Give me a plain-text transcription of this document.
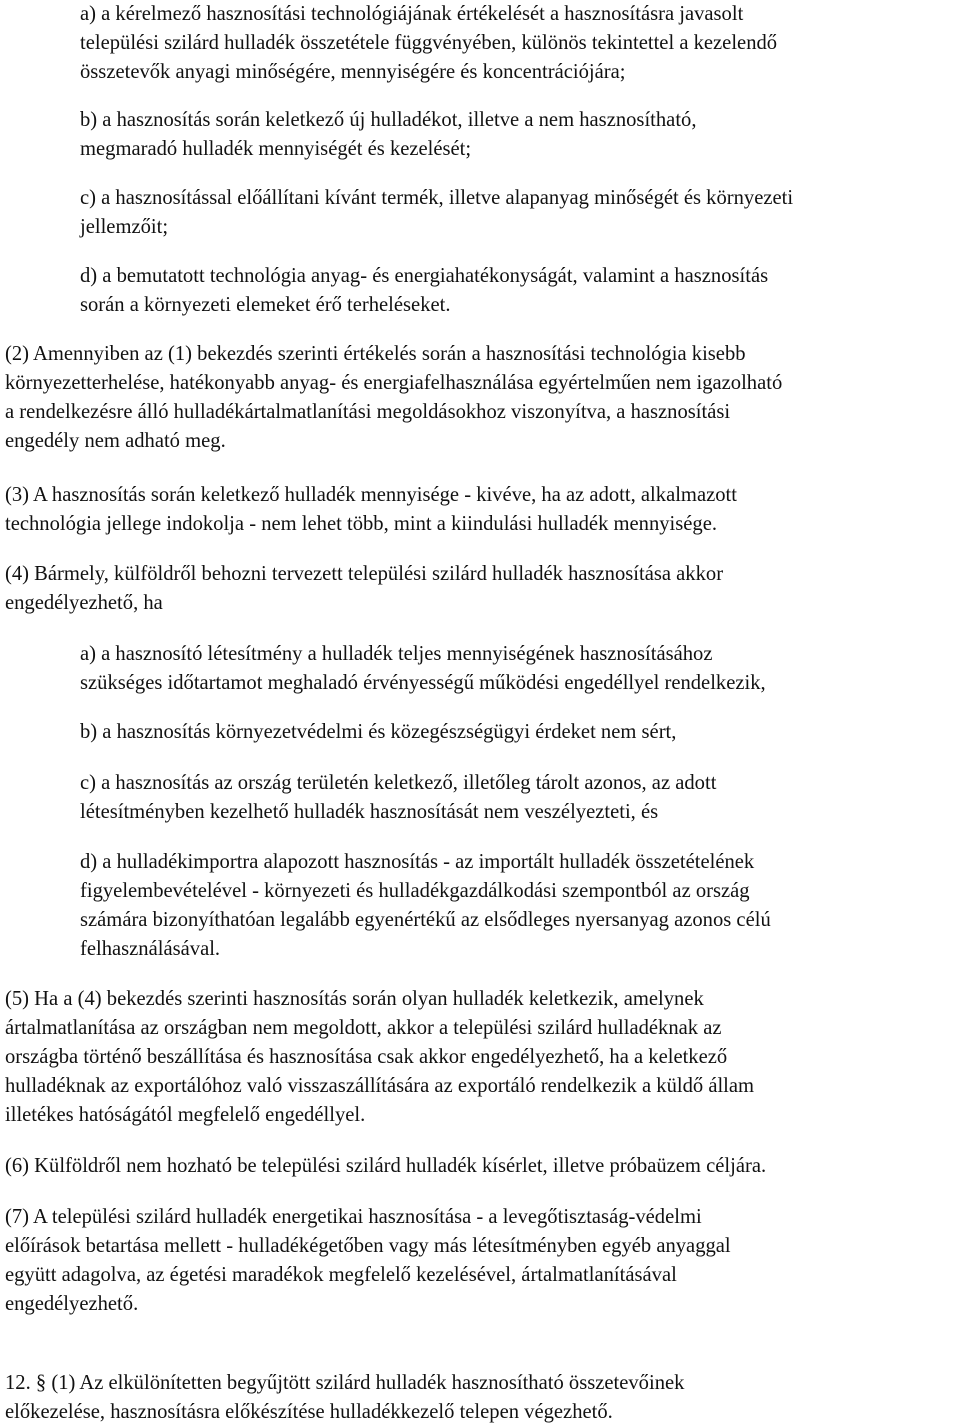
a) a kérelmező hasznosítási technológiájának értékelését a hasznosításra javasolt

települési szilárd hulladék összetétele függvényében, különös tekintettel a kezelendő

összetevők anyagi minőségére, mennyiségére és koncentrációjára;

b) a hasznosítás során keletkező új hulladékot, illetve a nem hasznosítható,

megmaradó hulladék mennyiségét és kezelését;

c) a hasznosítással előállítani kívánt termék, illetve alapanyag minőségét és környezeti

jellemzőit;

d) a bemutatott technológia anyag- és energiahatékonyságát, valamint a hasznosítás

során a környezeti elemeket érő terheléseket.

(2) Amennyiben az (1) bekezdés szerinti értékelés során a hasznosítási technológia kisebb

környezetterhelése, hatékonyabb anyag- és energiafelhasználása egyértelműen nem igazolható

a rendelkezésre álló hulladékártalmatlanítási megoldásokhoz viszonyítva, a hasznosítási

engedély nem adható meg.

(3) A hasznosítás során keletkező hulladék mennyisége - kivéve, ha az adott, alkalmazott

technológia jellege indokolja - nem lehet több, mint a kiindulási hulladék mennyisége.

(4) Bármely, külföldről behozni tervezett települési szilárd hulladék hasznosítása akkor

engedélyezhető, ha

a) a hasznosító létesítmény a hulladék teljes mennyiségének hasznosításához

szükséges időtartamot meghaladó érvényességű működési engedéllyel rendelkezik,

b) a hasznosítás környezetvédelmi és közegészségügyi érdeket nem sért,

c) a hasznosítás az ország területén keletkező, illetőleg tárolt azonos, az adott

létesítményben kezelhető hulladék hasznosítását nem veszélyezteti, és

d) a hulladékimportra alapozott hasznosítás - az importált hulladék összetételének

figyelembevételével - környezeti és hulladékgazdálkodási szempontból az ország

számára bizonyíthatóan legalább egyenértékű az elsődleges nyersanyag azonos célú

felhasználásával.

(5) Ha a (4) bekezdés szerinti hasznosítás során olyan hulladék keletkezik, amelynek

ártalmatlanítása az országban nem megoldott, akkor a települési szilárd hulladéknak az

országba történő beszállítása és hasznosítása csak akkor engedélyezhető, ha a keletkező

hulladéknak az exportálóhoz való visszaszállítására az exportáló rendelkezik a küldő állam

illetékes hatóságától megfelelő engedéllyel.

(6) Külföldről nem hozható be települési szilárd hulladék kísérlet, illetve próbaüzem céljára.

(7) A települési szilárd hulladék energetikai hasznosítása - a levegőtisztaság-védelmi

előírások betartása mellett - hulladékégetőben vagy más létesítményben egyéb anyaggal

együtt adagolva, az égetési maradékok megfelelő kezelésével, ártalmatlanításával

engedélyezhető.

12. § (1) Az elkülönítetten begyűjtött szilárd hulladék hasznosítható összetevőinek

előkezelése, hasznosításra előkészítése hulladékkezelő telepen végezhető.
